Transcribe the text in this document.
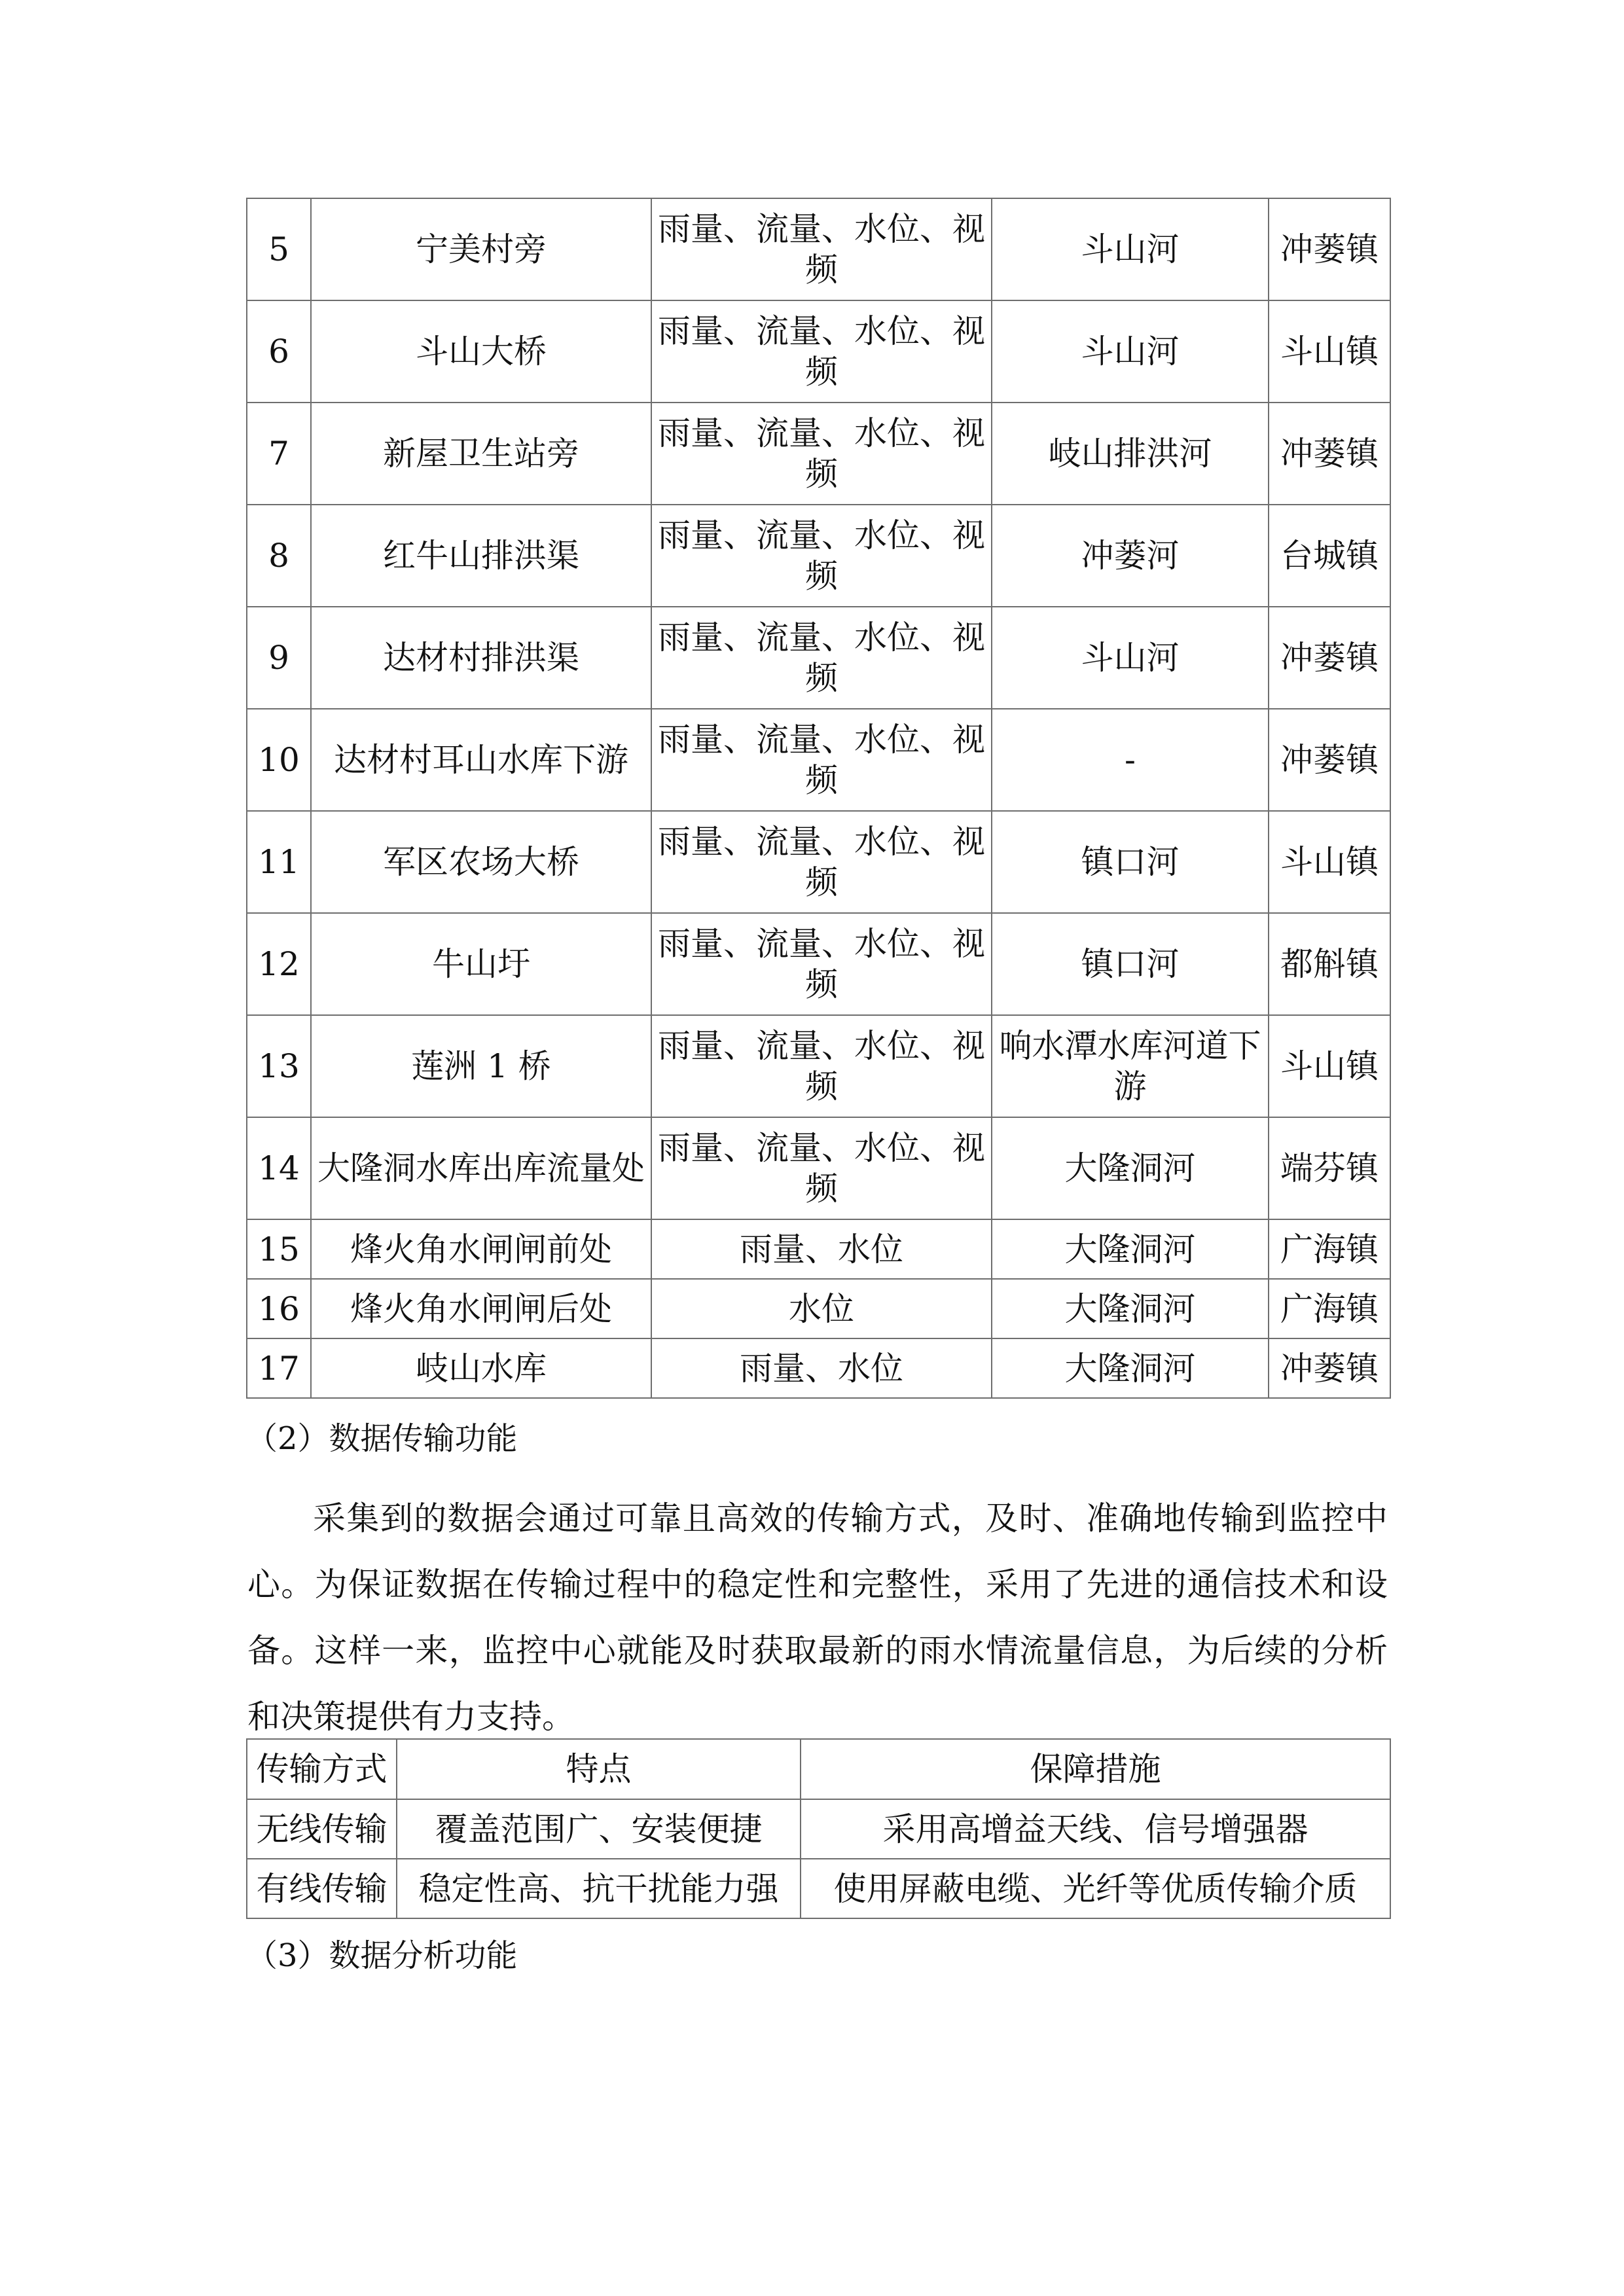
5	宁美村旁	雨量、流量、水位、视频	斗山河	冲蒌镇
6	斗山大桥	雨量、流量、水位、视频	斗山河	斗山镇
7	新屋卫生站旁	雨量、流量、水位、视频	岐山排洪河	冲蒌镇
8	红牛山排洪渠	雨量、流量、水位、视频	冲蒌河	台城镇
9	达材村排洪渠	雨量、流量、水位、视频	斗山河	冲蒌镇
10	达材村耳山水库下游	雨量、流量、水位、视频	-	冲蒌镇
11	军区农场大桥	雨量、流量、水位、视频	镇口河	斗山镇
12	牛山圩	雨量、流量、水位、视频	镇口河	都斛镇
13	莲洲 1 桥	雨量、流量、水位、视频	响水潭水库河道下游	斗山镇
14	大隆洞水库出库流量处	雨量、流量、水位、视频	大隆洞河	端芬镇
15	烽火角水闸闸前处	雨量、水位	大隆洞河	广海镇
16	烽火角水闸闸后处	水位	大隆洞河	广海镇
17	岐山水库	雨量、水位	大隆洞河	冲蒌镇
（2）数据传输功能
采集到的数据会通过可靠且高效的传输方式，及时、准确地传输到监控中心。为保证数据在传输过程中的稳定性和完整性，采用了先进的通信技术和设备。这样一来，监控中心就能及时获取最新的雨水情流量信息，为后续的分析和决策提供有力支持。
传输方式	特点	保障措施
无线传输	覆盖范围广、安装便捷	采用高增益天线、信号增强器
有线传输	稳定性高、抗干扰能力强	使用屏蔽电缆、光纤等优质传输介质
（3）数据分析功能
